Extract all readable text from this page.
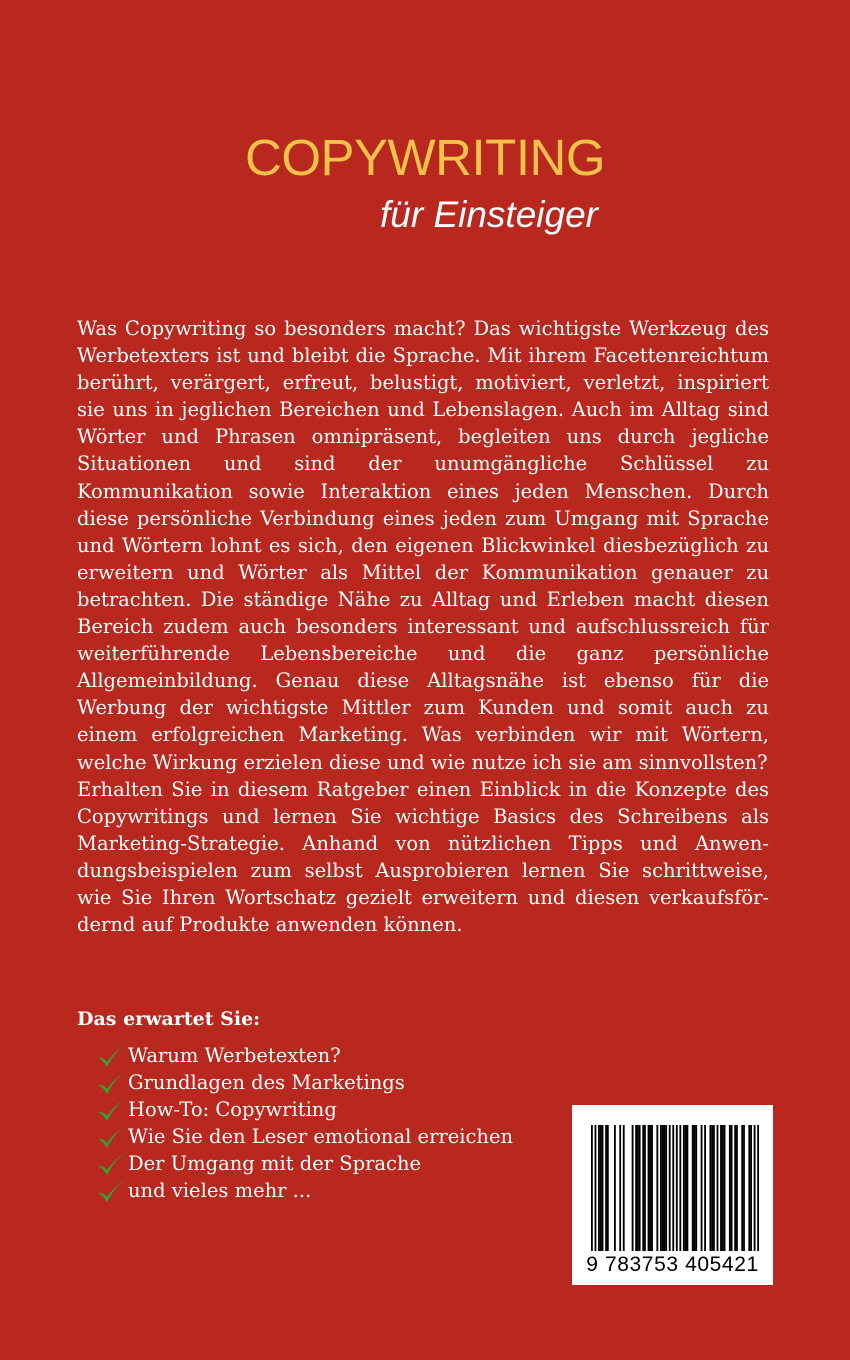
COPYWRITING
für Einsteiger

Was Copywriting so besonders macht? Das wichtigste Werkzeug des Werbetexters ist und bleibt die Sprache. Mit ihrem Facettenreichtum berührt, verärgert, erfreut, belustigt, motiviert, verletzt, inspiriert sie uns in jeglichen Bereichen und Lebenslagen. Auch im Alltag sind Wörter und Phrasen omnipräsent, begleiten uns durch jegliche Situationen und sind der unumgängliche Schlüssel zu Kommunikation sowie Interaktion eines jeden Menschen. Durch diese persönliche Verbindung eines jeden zum Umgang mit Sprache und Wörtern lohnt es sich, den eigenen Blickwinkel diesbezüglich zu erweitern und Wörter als Mittel der Kommunikation genauer zu betrachten. Die ständige Nähe zu Alltag und Erleben macht diesen Bereich zudem auch besonders interessant und aufschlussreich für weiterführende Lebensbereiche und die ganz persönliche Allgemeinbildung. Genau diese Alltagsnähe ist ebenso für die Werbung der wichtigste Mittler zum Kunden und somit auch zu einem erfolgreichen Marketing. Was verbinden wir mit Wörtern, welche Wirkung erzielen diese und wie nutze ich sie am sinnvollsten?

Erhalten Sie in diesem Ratgeber einen Einblick in die Konzepte des Copywritings und lernen Sie wichtige Basics des Schreibens als Marketing-Strategie. Anhand von nützlichen Tipps und Anwendungsbeispielen zum selbst Ausprobieren lernen Sie schrittweise, wie Sie Ihren Wortschatz gezielt erweitern und diesen verkaufsfördernd auf Produkte anwenden können.

Das erwartet Sie:
Warum Werbetexten?
Grundlagen des Marketings
How-To: Copywriting
Wie Sie den Leser emotional erreichen
Der Umgang mit der Sprache
und vieles mehr ...
9 783753 405421
